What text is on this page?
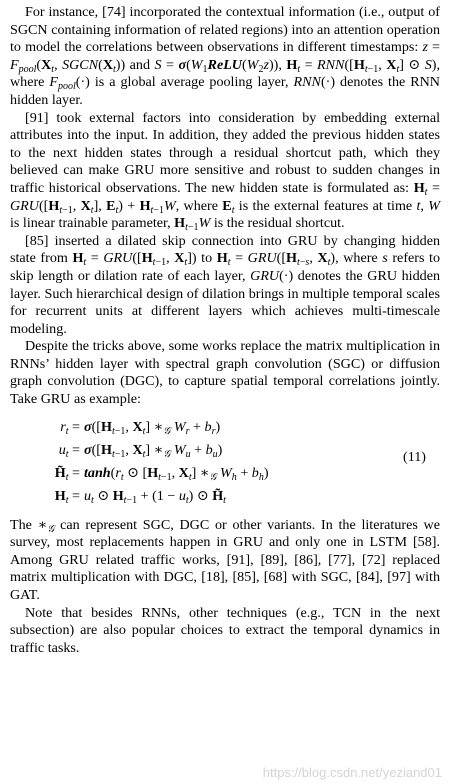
For instance, [74] incorporated the contextual information (i.e., output of SGCN containing information of related regions) into an attention operation to model the correlations between observations in different timestamps: $z = F_{pool}(X_t$, $SGCN(X_t)$) and $S = \sigma(W_1ReLU(W_2z))$, $H_t = RNN([H_{t-1}$, $X_t$] ⊙ S), where $F_{pool}(\cdot)$ is a global average pooling layer, RNN(·) denotes the RNN hidden layer.

[91] took external factors into consideration by embedding external attributes into the input. In addition, they added the previous hidden states to the next hidden states through a residual shortcut path, which they believed can make GRU more sensitive and robust to sudden changes in traffic historical observations. The new hidden state is formulated as: $H_t = GRU([H_{t-1}$, $X_t$], $E_t) + H_{t-1}W$, where $E_t$ is the external features at time t, W is linear trainable parameter, $H_{t-1}W$ is the residual shortcut.

[85] inserted a dilated skip connection into GRU by changing hidden state from $H_t = GRU([H_{t-1}$, $X_t$]) to $H_t = GRU([H_{t-s}$, $X_t$), where s refers to skip length or dilation rate of each layer, GRU(·) denotes the GRU hidden layer. Such hierarchical design of dilation brings in multiple temporal scales for recurrent units at different layers which achieves multi-timescale modeling.

Despite the tricks above, some works replace the matrix multiplication in RNNs’ hidden layer with spectral graph convolution (SGC) or diffusion graph convolution (DGC), to capture spatial temporal correlations jointly. Take GRU as example:

$r_t = \sigma([H_{t-1}$, $X_t$] $∗_𝒢$ $W_r + b_r$)
$u_t = \sigma([H_{t-1}$, $X_t$] $∗_𝒢$ $W_u + b_u$)
$H̃_t = \tanh(r_t$ ⊙ [$H_{t-1}$, $X_t$] $∗_𝒢$ $W_h + b_h$)
$H_t = u_t$ ⊙ $H_{t-1} + (1 - u_t)$ ⊙ $H̃_t$
(11)

The $∗_𝒢$ can represent SGC, DGC or other variants. In the literatures we survey, most replacements happen in GRU and only one in LSTM [58]. Among GRU related traffic works, [91], [89], [86], [77], [72] replaced matrix multiplication with DGC, [18], [85], [68] with SGC, [84], [97] with GAT.

Note that besides RNNs, other techniques (e.g., TCN in the next subsection) are also popular choices to extract the temporal dynamics in traffic tasks.

https://blog.csdn.net/yeziand01
